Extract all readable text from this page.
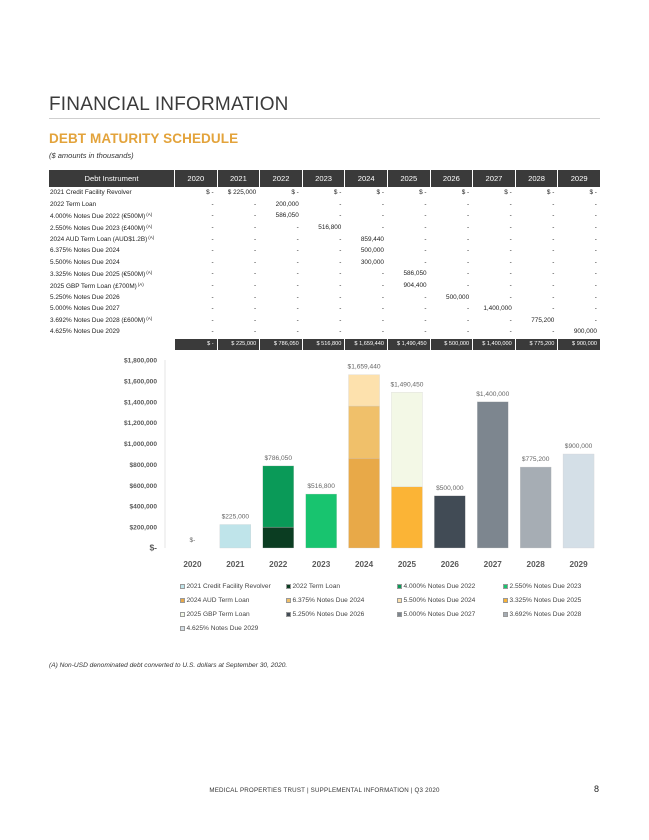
FINANCIAL INFORMATION
DEBT MATURITY SCHEDULE
($ amounts in thousands)
Debt Instrument	2020	2021	2022	2023	2024	2025	2026	2027	2028	2029
2021 Credit Facility Revolver	$ -	$ 225,000	$ -	$ -	$ -	$ -	$ -	$ -	$ -	$ -
2022 Term Loan	-	-	200,000	-	-	-	-	-	-	-
4.000% Notes Due 2022 (€500M)$^{(A)}$	-	-	586,050	-	-	-	-	-	-	-
2.550% Notes Due 2023 (£400M)$^{(A)}$	-	-	-	516,800	-	-	-	-	-	-
2024 AUD Term Loan (AUD$1.2B)$^{(A)}$	-	-	-	-	859,440	-	-	-	-	-
6.375% Notes Due 2024	-	-	-	-	500,000	-	-	-	-	-
5.500% Notes Due 2024	-	-	-	-	300,000	-	-	-	-	-
3.325% Notes Due 2025 (€500M)$^{(A)}$	-	-	-	-	-	586,050	-	-	-	-
2025 GBP Term Loan (£700M)$^{(A)}$	-	-	-	-	-	904,400	-	-	-	-
5.250% Notes Due 2026	-	-	-	-	-	-	500,000	-	-	-
5.000% Notes Due 2027	-	-	-	-	-	-	-	1,400,000	-	-
3.692% Notes Due 2028 (£600M)$^{(A)}$	-	-	-	-	-	-	-	-	775,200	-
4.625% Notes Due 2029	-	-	-	-	-	-	-	-	-	900,000
$ -	$ 225,000	$ 786,050	$ 516,800	$ 1,659,440	$ 1,490,450	$ 500,000	$ 1,400,000	$ 775,200	$ 900,000
$-
$200,000
$400,000
$600,000
$800,000
$1,000,000
$1,200,000
$1,400,000
$1,600,000
$1,800,000
$-
2020
$225,000
2021
$786,050
2022
$516,800
2023
$1,659,440
2024
$1,490,450
2025
$500,000
2026
$1,400,000
2027
$775,200
2028
$900,000
2029
2021 Credit Facility Revolver	2022 Term Loan	4.000% Notes Due 2022	2.550% Notes Due 2023
2024 AUD Term Loan	6.375% Notes Due 2024	5.500% Notes Due 2024	3.325% Notes Due 2025
2025 GBP Term Loan	5.250% Notes Due 2026	5.000% Notes Due 2027	3.692% Notes Due 2028
4.625% Notes Due 2029
(A) Non-USD denominated debt converted to U.S. dollars at September 30, 2020.
MEDICAL PROPERTIES TRUST | SUPPLEMENTAL INFORMATION | Q3 2020	8
